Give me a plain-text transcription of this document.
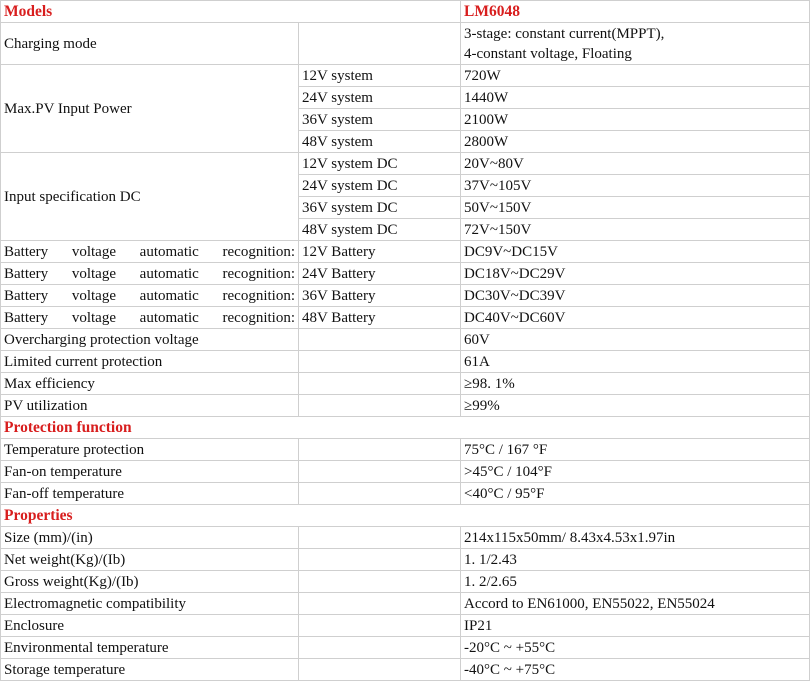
Models		LM6048
Charging mode		3-stage: constant current(MPPT),
4-constant voltage, Floating
Max.PV Input Power	12V system	720W
	24V system	1440W
	36V system	2100W
	48V system	2800W
Input specification DC	12V system DC	20V~80V
	24V system DC	37V~105V
	36V system DC	50V~150V
	48V system DC	72V~150V
Battery voltage automatic recognition:	12V Battery	DC9V~DC15V
Battery voltage automatic recognition:	24V Battery	DC18V~DC29V
Battery voltage automatic recognition:	36V Battery	DC30V~DC39V
Battery voltage automatic recognition:	48V Battery	DC40V~DC60V
Overcharging protection voltage		60V
Limited current protection		61A
Max efficiency		≥98. 1%
PV utilization		≥99%
Protection function		
Temperature protection		75°C / 167 °F
Fan-on temperature		>45°C / 104°F
Fan-off temperature		<40°C / 95°F
Properties		
Size (mm)/(in)		214x115x50mm/ 8.43x4.53x1.97in
Net weight(Kg)/(Ib)		1. 1/2.43
Gross weight(Kg)/(Ib)		1. 2/2.65
Electromagnetic compatibility		Accord to EN61000, EN55022, EN55024
Enclosure		IP21
Environmental temperature		-20°C ~ +55°C
Storage temperature		-40°C ~ +75°C
